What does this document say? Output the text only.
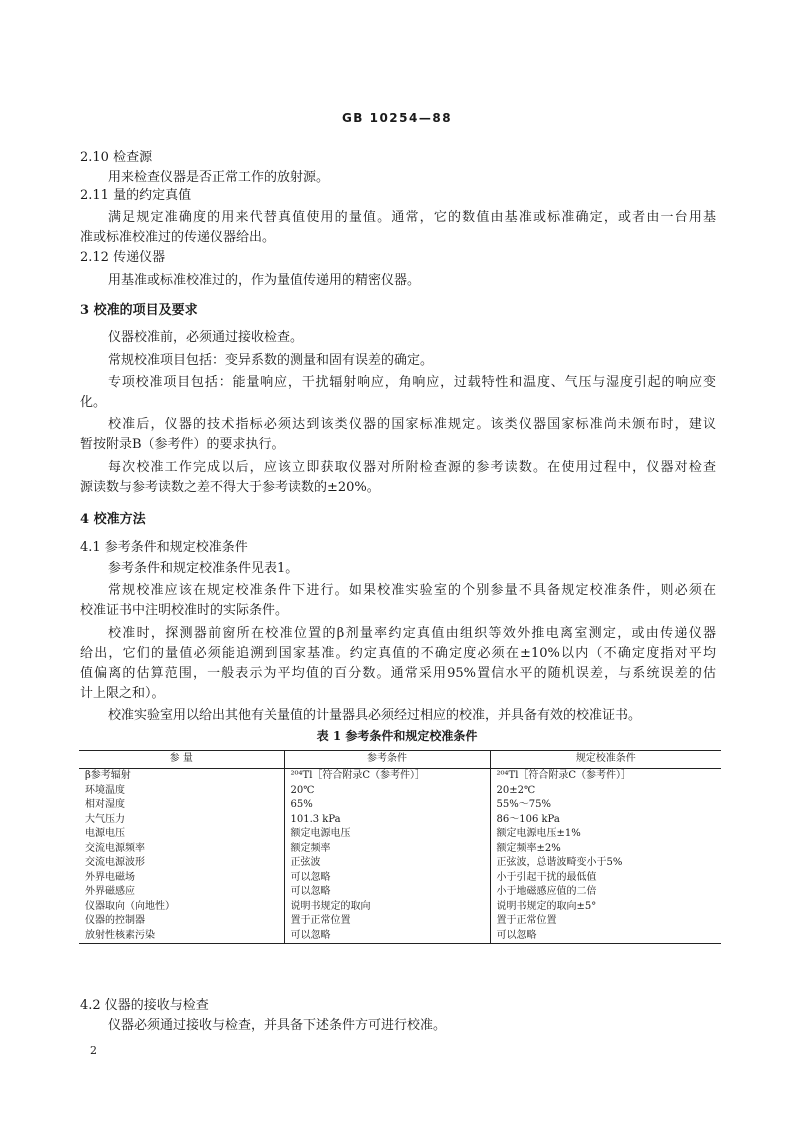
GB 10254—88
2.10 检查源
用来检查仪器是否正常工作的放射源。
2.11 量的约定真值
满足规定准确度的用来代替真值使用的量值。通常，它的数值由基准或标准确定，或者由一台用基
准或标准校准过的传递仪器给出。
2.12 传递仪器
用基准或标准校准过的，作为量值传递用的精密仪器。
3 校准的项目及要求
仪器校准前，必须通过接收检查。
常规校准项目包括：变异系数的测量和固有误差的确定。
专项校准项目包括：能量响应，干扰辐射响应，角响应，过载特性和温度、气压与湿度引起的响应变
化。
校准后，仪器的技术指标必须达到该类仪器的国家标准规定。该类仪器国家标准尚未颁布时，建议
暂按附录B（参考件）的要求执行。
每次校准工作完成以后，应该立即获取仪器对所附检查源的参考读数。在使用过程中，仪器对检查
源读数与参考读数之差不得大于参考读数的±20%。
4 校准方法
4.1 参考条件和规定校准条件
参考条件和规定校准条件见表1。
常规校准应该在规定校准条件下进行。如果校准实验室的个别参量不具备规定校准条件，则必须在
校准证书中注明校准时的实际条件。
校准时，探测器前窗所在校准位置的β剂量率约定真值由组织等效外推电离室测定，或由传递仪器
给出，它们的量值必须能追溯到国家基准。约定真值的不确定度必须在±10%以内（不确定度指对平均
值偏离的估算范围，一般表示为平均值的百分数。通常采用95%置信水平的随机误差，与系统误差的估
计上限之和）。
校准实验室用以给出其他有关量值的计量器具必须经过相应的校准，并具备有效的校准证书。
表 1 参考条件和规定校准条件
参 量	参考条件	规定校准条件
β参考辐射	²⁰⁴Tl［符合附录C（参考件）］	²⁰⁴Tl［符合附录C（参考件）］
环境温度	20℃	20±2℃
相对湿度	65%	55%～75%
大气压力	101.3 kPa	86～106 kPa
电源电压	额定电源电压	额定电源电压±1%
交流电源频率	额定频率	额定频率±2%
交流电源波形	正弦波	正弦波，总谐波畸变小于5%
外界电磁场	可以忽略	小于引起干扰的最低值
外界磁感应	可以忽略	小于地磁感应值的二倍
仪器取向（向地性）	说明书规定的取向	说明书规定的取向±5°
仪器的控制器	置于正常位置	置于正常位置
放射性核素污染	可以忽略	可以忽略
4.2 仪器的接收与检查
仪器必须通过接收与检查，并具备下述条件方可进行校准。
2
